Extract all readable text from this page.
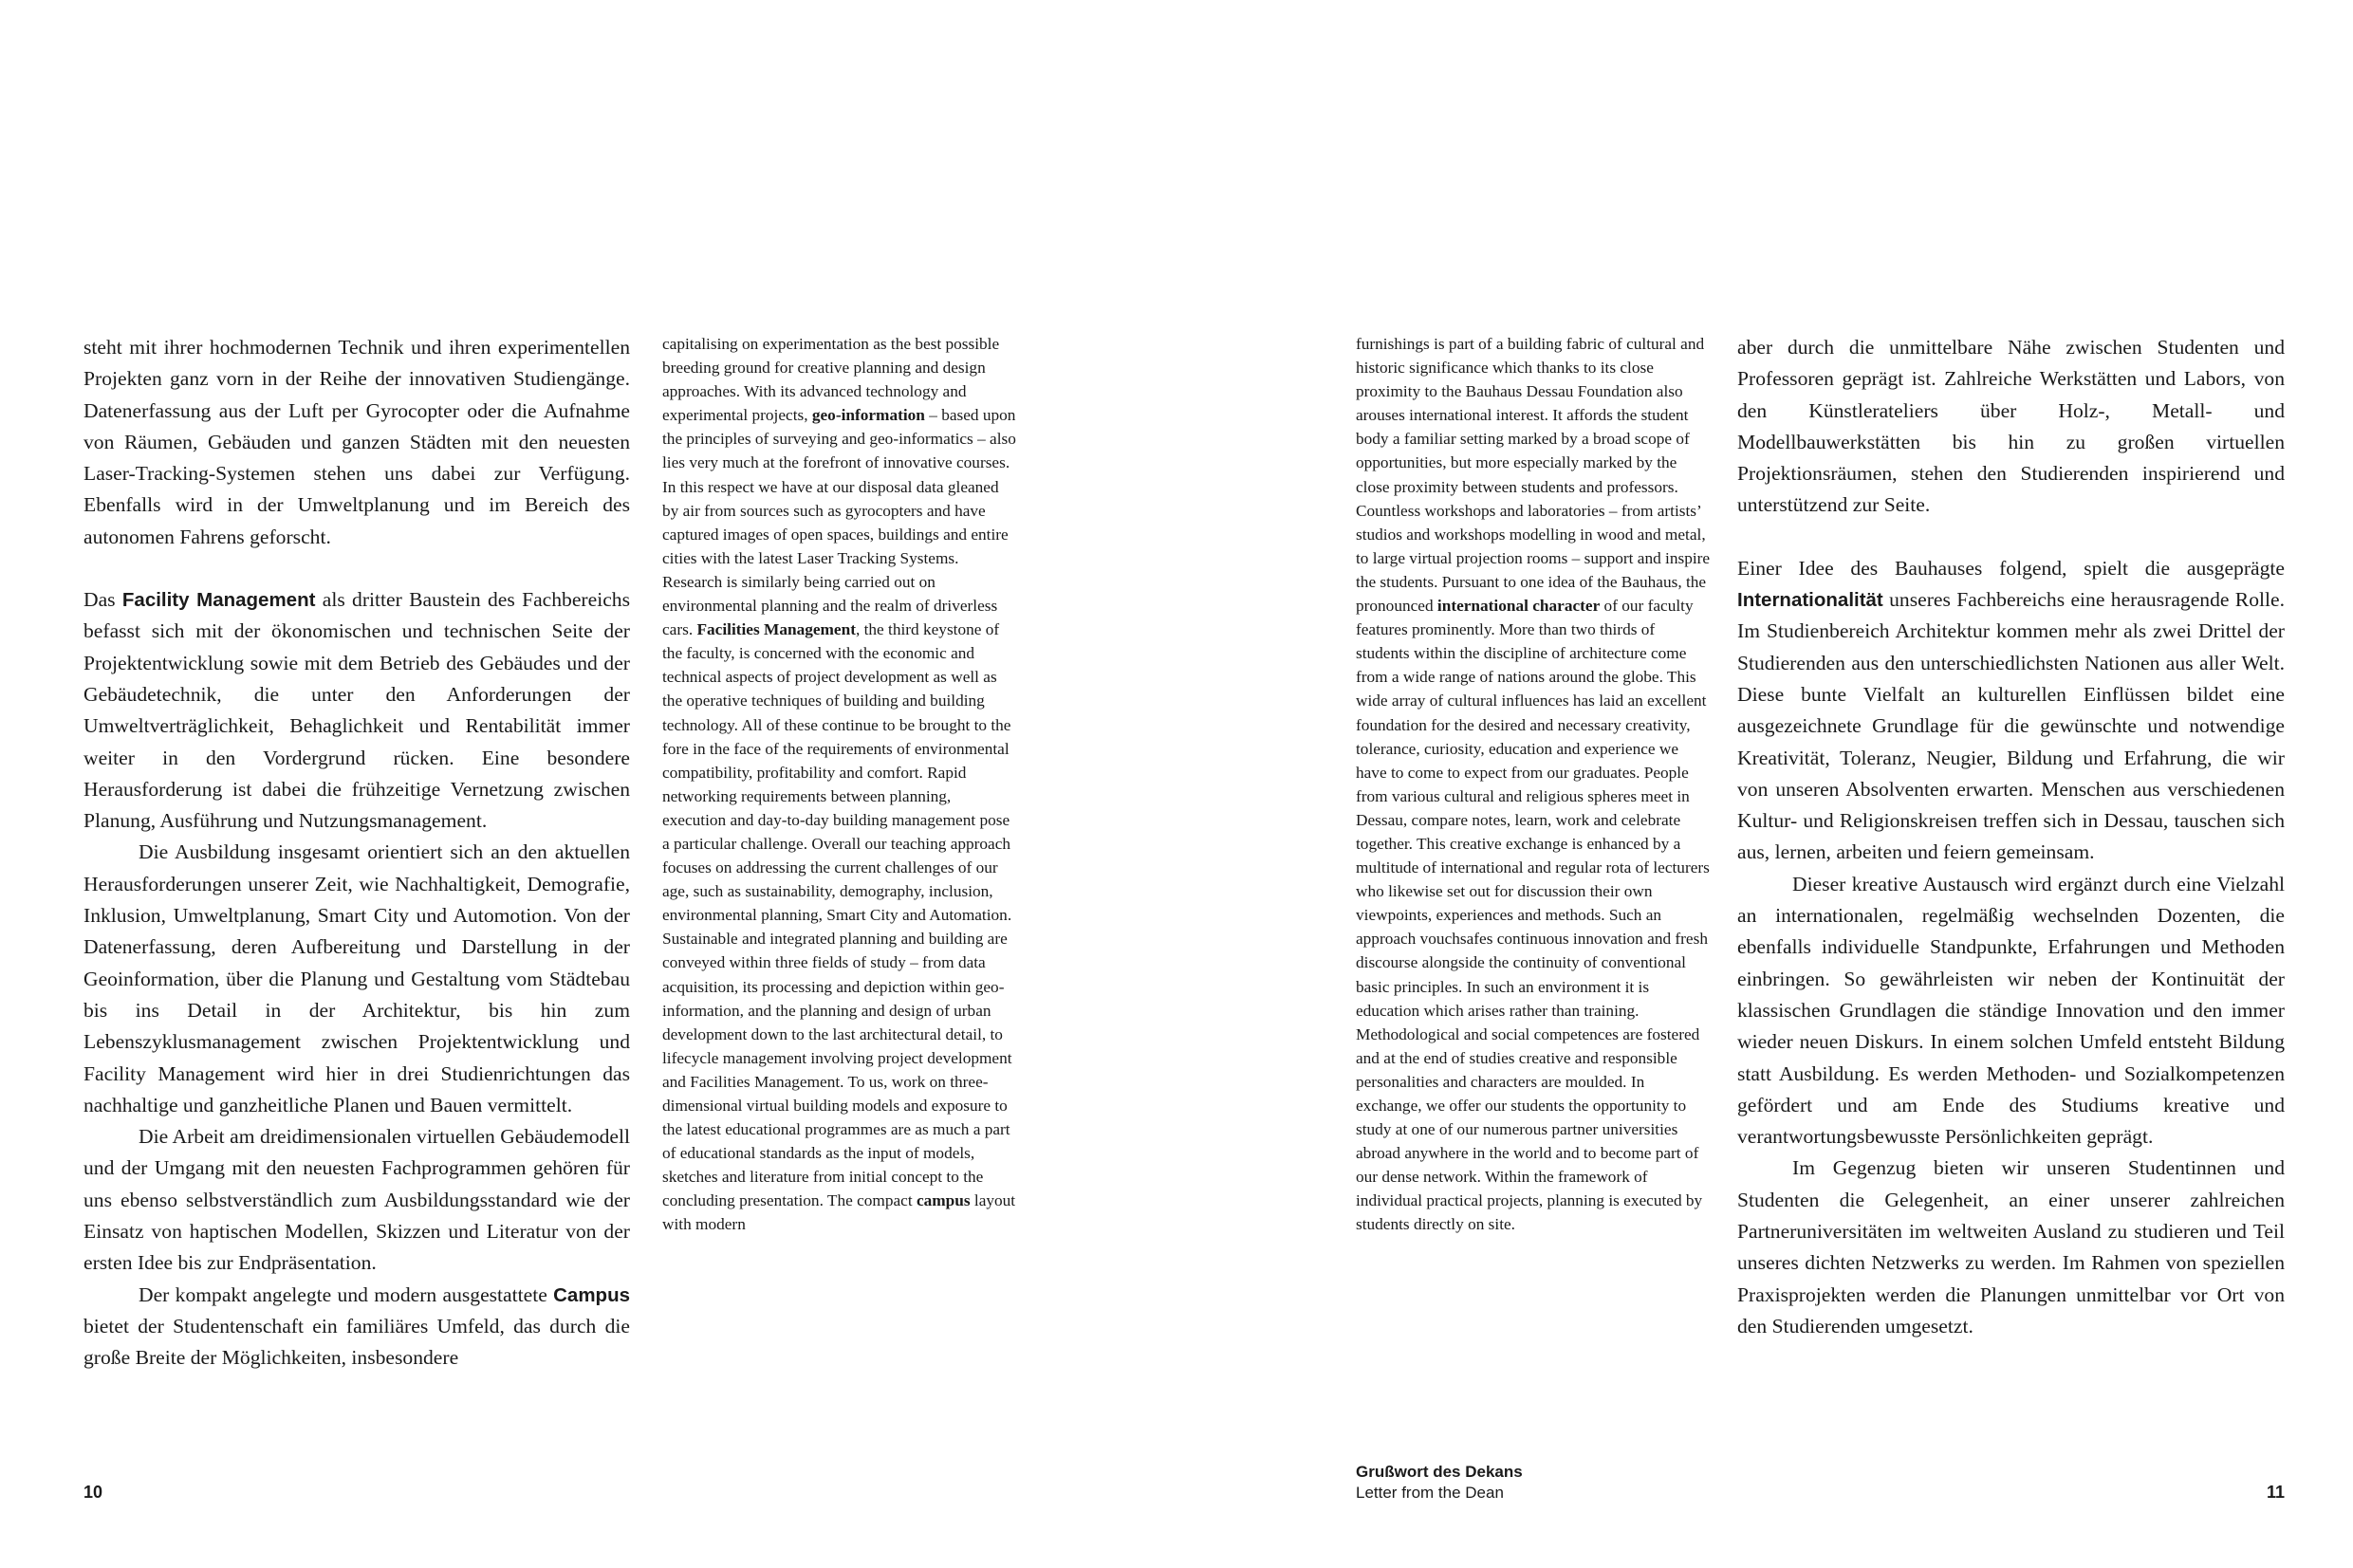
steht mit ihrer hochmodernen Technik und ihren experimentellen Projekten ganz vorn in der Reihe der innovativen Studiengänge. Datenerfassung aus der Luft per Gyrocopter oder die Aufnahme von Räumen, Gebäuden und ganzen Städten mit den neuesten Laser-Tracking-Systemen stehen uns dabei zur Verfügung. Ebenfalls wird in der Umweltplanung und im Bereich des autonomen Fahrens geforscht.

Das Facility Management als dritter Baustein des Fachbereichs befasst sich mit der ökonomischen und technischen Seite der Projektentwicklung sowie mit dem Betrieb des Gebäudes und der Gebäudetechnik, die unter den Anforderungen der Umweltverträglichkeit, Behaglichkeit und Rentabilität immer weiter in den Vordergrund rücken. Eine besondere Herausforderung ist dabei die frühzeitige Vernetzung zwischen Planung, Ausführung und Nutzungsmanagement.

Die Ausbildung insgesamt orientiert sich an den aktuellen Herausforderungen unserer Zeit, wie Nachhaltigkeit, Demografie, Inklusion, Umweltplanung, Smart City und Automotion. Von der Datenerfassung, deren Aufbereitung und Darstellung in der Geoinformation, über die Planung und Gestaltung vom Städtebau bis ins Detail in der Architektur, bis hin zum Lebenszyklusmanagement zwischen Projektentwicklung und Facility Management wird hier in drei Studienrichtungen das nachhaltige und ganzheitliche Planen und Bauen vermittelt.

Die Arbeit am dreidimensionalen virtuellen Gebäudemodell und der Umgang mit den neuesten Fachprogrammen gehören für uns ebenso selbstverständlich zum Ausbildungsstandard wie der Einsatz von haptischen Modellen, Skizzen und Literatur von der ersten Idee bis zur Endpräsentation.

Der kompakt angelegte und modern ausgestattete Campus bietet der Studentenschaft ein familiäres Umfeld, das durch die große Breite der Möglichkeiten, insbesondere

capitalising on experimentation as the best possible breeding ground for creative planning and design approaches. With its advanced technology and experimental projects, geo-information – based upon the principles of surveying and geo-informatics – also lies very much at the forefront of innovative courses. In this respect we have at our disposal data gleaned by air from sources such as gyrocopters and have captured images of open spaces, buildings and entire cities with the latest Laser Tracking Systems. Research is similarly being carried out on environmental planning and the realm of driverless cars. Facilities Management, the third keystone of the faculty, is concerned with the economic and technical aspects of project development as well as the operative techniques of building and building technology. All of these continue to be brought to the fore in the face of the requirements of environmental compatibility, profitability and comfort. Rapid networking requirements between planning, execution and day-to-day building management pose a particular challenge. Overall our teaching approach focuses on addressing the current challenges of our age, such as sustainability, demography, inclusion, environmental planning, Smart City and Automation. Sustainable and integrated planning and building are conveyed within three fields of study – from data acquisition, its processing and depiction within geo-information, and the planning and design of urban development down to the last architectural detail, to lifecycle management involving project development and Facilities Management. To us, work on three-dimensional virtual building models and exposure to the latest educational programmes are as much a part of educational standards as the input of models, sketches and literature from initial concept to the concluding presentation. The compact campus layout with modern

10

furnishings is part of a building fabric of cultural and historic significance which thanks to its close proximity to the Bauhaus Dessau Foundation also arouses international interest. It affords the student body a familiar setting marked by a broad scope of opportunities, but more especially marked by the close proximity between students and professors. Countless workshops and laboratories – from artists’ studios and workshops modelling in wood and metal, to large virtual projection rooms – support and inspire the students. Pursuant to one idea of the Bauhaus, the pronounced international character of our faculty features prominently. More than two thirds of students within the discipline of architecture come from a wide range of nations around the globe. This wide array of cultural influences has laid an excellent foundation for the desired and necessary creativity, tolerance, curiosity, education and experience we have to come to expect from our graduates. People from various cultural and religious spheres meet in Dessau, compare notes, learn, work and celebrate together. This creative exchange is enhanced by a multitude of international and regular rota of lecturers who likewise set out for discussion their own viewpoints, experiences and methods. Such an approach vouchsafes continuous innovation and fresh discourse alongside the continuity of conventional basic principles. In such an environment it is education which arises rather than training. Methodological and social competences are fostered and at the end of studies creative and responsible personalities and characters are moulded. In exchange, we offer our students the opportunity to study at one of our numerous partner universities abroad anywhere in the world and to become part of our dense network. Within the framework of individual practical projects, planning is executed by students directly on site.

aber durch die unmittelbare Nähe zwischen Studenten und Professoren geprägt ist. Zahlreiche Werkstätten und Labors, von den Künstlerateliers über Holz-, Metall- und Modellbauwerkstätten bis hin zu großen virtuellen Projektionsräumen, stehen den Studierenden inspirierend und unterstützend zur Seite.

Einer Idee des Bauhauses folgend, spielt die ausgeprägte Internationalität unseres Fachbereichs eine herausragende Rolle. Im Studienbereich Architektur kommen mehr als zwei Drittel der Studierenden aus den unterschiedlichsten Nationen aus aller Welt. Diese bunte Vielfalt an kulturellen Einflüssen bildet eine ausgezeichnete Grundlage für die gewünschte und notwendige Kreativität, Toleranz, Neugier, Bildung und Erfahrung, die wir von unseren Absolventen erwarten. Menschen aus verschiedenen Kultur- und Religionskreisen treffen sich in Dessau, tauschen sich aus, lernen, arbeiten und feiern gemeinsam.

Dieser kreative Austausch wird ergänzt durch eine Vielzahl an internationalen, regelmäßig wechselnden Dozenten, die ebenfalls individuelle Standpunkte, Erfahrungen und Methoden einbringen. So gewährleisten wir neben der Kontinuität der klassischen Grundlagen die ständige Innovation und den immer wieder neuen Diskurs. In einem solchen Umfeld entsteht Bildung statt Ausbildung. Es werden Methoden- und Sozialkompetenzen gefördert und am Ende des Studiums kreative und verantwortungsbewusste Persönlichkeiten geprägt.

Im Gegenzug bieten wir unseren Studentinnen und Studenten die Gelegenheit, an einer unserer zahlreichen Partneruniversitäten im weltweiten Ausland zu studieren und Teil unseres dichten Netzwerks zu werden. Im Rahmen von speziellen Praxisprojekten werden die Planungen unmittelbar vor Ort von den Studierenden umgesetzt.

Grußwort des Dekans
Letter from the Dean	11
